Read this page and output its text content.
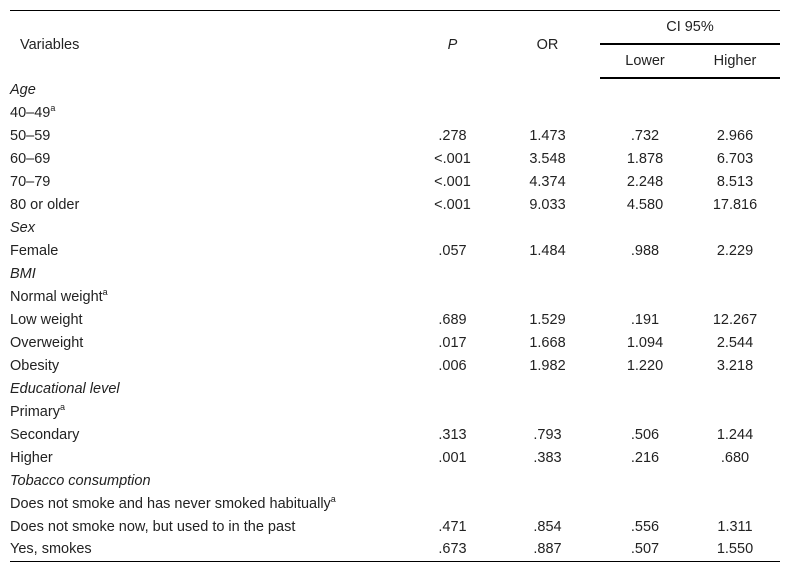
Variables	P	OR	CI 95%	
			Lower	Higher
Age				
40–49$^a$				
50–59	.278	1.473	.732	2.966
60–69	<.001	3.548	1.878	6.703
70–79	<.001	4.374	2.248	8.513
80 or older	<.001	9.033	4.580	17.816
Sex				
Female	.057	1.484	.988	2.229
BMI				
Normal weight$^a$				
Low weight	.689	1.529	.191	12.267
Overweight	.017	1.668	1.094	2.544
Obesity	.006	1.982	1.220	3.218
Educational level				
Primary$^a$				
Secondary	.313	.793	.506	1.244
Higher	.001	.383	.216	.680
Tobacco consumption				
Does not smoke and has never smoked habitually$^a$				
Does not smoke now, but used to in the past	.471	.854	.556	1.311
Yes, smokes	.673	.887	.507	1.550
